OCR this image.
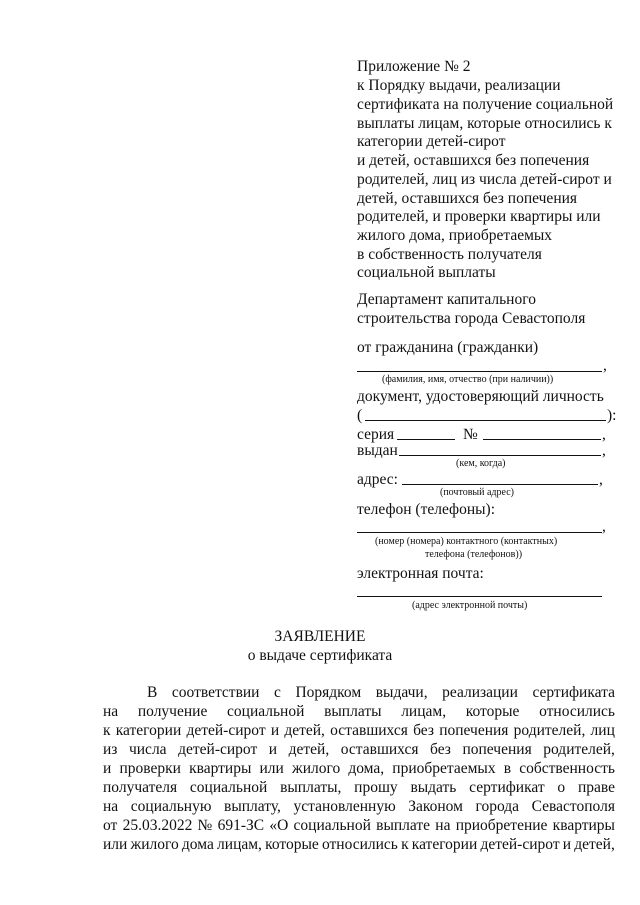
Приложение № 2
к Порядку выдачи, реализации
сертификата на получение социальной
выплаты лицам, которые относились к
категории детей-сирот
и детей, оставшихся без попечения
родителей, лиц из числа детей-сирот и
детей, оставшихся без попечения
родителей, и проверки квартиры или
жилого дома, приобретаемых
в собственность получателя
социальной выплаты
Департамент капитального
строительства города Севастополя
от гражданина (гражданки)
,
(фамилия, имя, отчество (при наличии))
документ, удостоверяющий личность
(	):
серия	№	,
выдан	,
(кем, когда)
адрес:	,
(почтовый адрес)
телефон (телефоны):
,
(номер (номера) контактного (контактных)
телефона (телефонов))
электронная почта:
(адрес электронной почты)
ЗАЯВЛЕНИЕ
о выдаче сертификата
В соответствии с Порядком выдачи, реализации сертификата
на получение социальной выплаты лицам, которые относились
к категории детей-сирот и детей, оставшихся без попечения родителей, лиц
из числа детей-сирот и детей, оставшихся без попечения родителей,
и проверки квартиры или жилого дома, приобретаемых в собственность
получателя социальной выплаты, прошу выдать сертификат о праве
на социальную выплату, установленную Законом города Севастополя
от 25.03.2022 № 691-ЗС «О социальной выплате на приобретение квартиры
или жилого дома лицам, которые относились к категории детей-сирот и детей,
